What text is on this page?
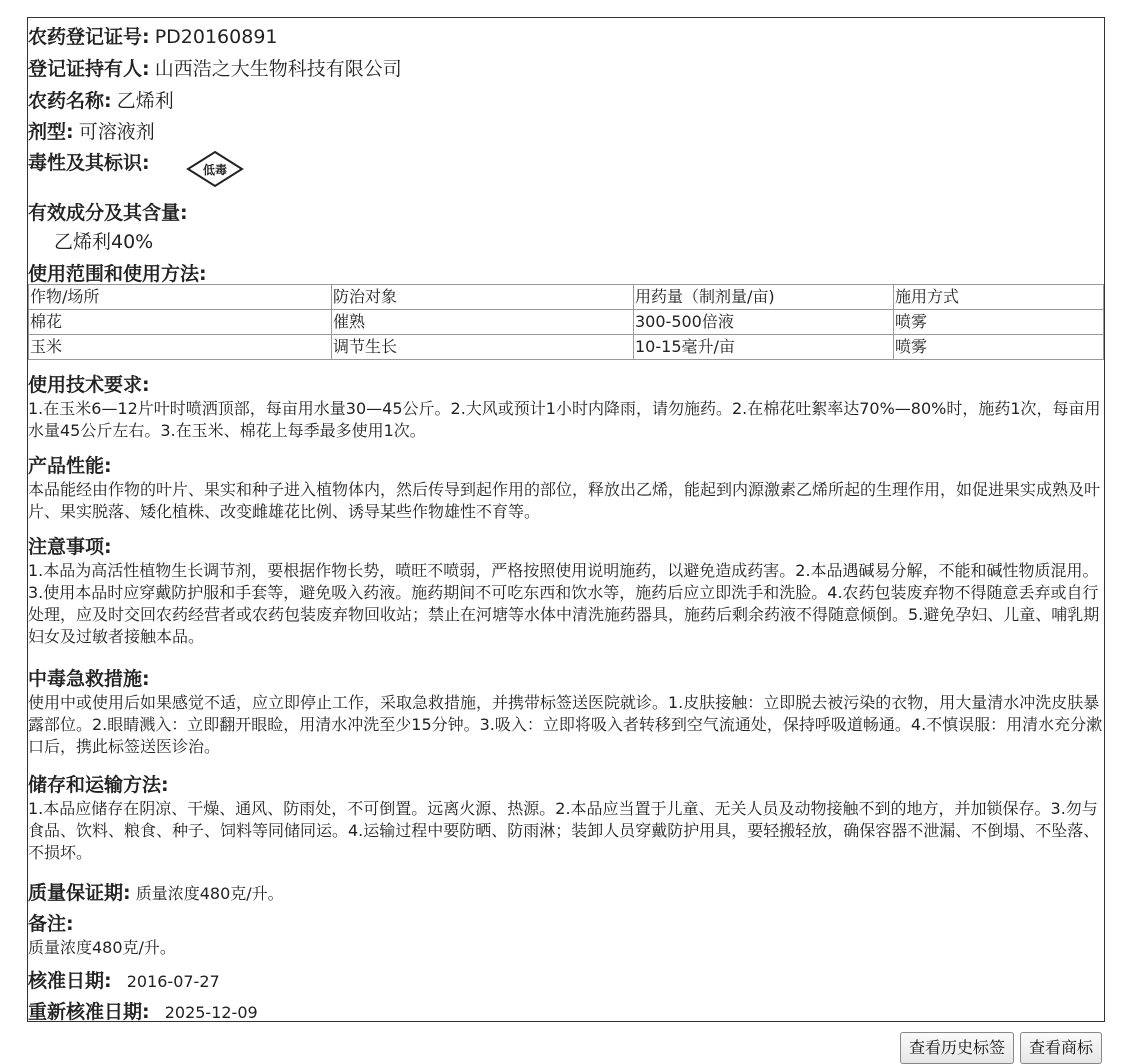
农药登记证号: PD20160891
登记证持有人: 山西浩之大生物科技有限公司
农药名称: 乙烯利
剂型: 可溶液剂
毒性及其标识:	低毒
有效成分及其含量:
乙烯利40%
使用范围和使用方法:
作物/场所	防治对象	用药量（制剂量/亩)	施用方式
棉花	催熟	300-500倍液	喷雾
玉米	调节生长	10-15毫升/亩	喷雾
使用技术要求:
1.在玉米6—12片叶时喷洒顶部，每亩用水量30—45公斤。2.大风或预计1小时内降雨，请勿施药。2.在棉花吐絮率达70%—80%时，施药1次，每亩用水量45公斤左右。3.在玉米、棉花上每季最多使用1次。
产品性能:
本品能经由作物的叶片、果实和种子进入植物体内，然后传导到起作用的部位，释放出乙烯，能起到内源激素乙烯所起的生理作用，如促进果实成熟及叶片、果实脱落、矮化植株、改变雌雄花比例、诱导某些作物雄性不育等。
注意事项:
1.本品为高活性植物生长调节剂，要根据作物长势，喷旺不喷弱，严格按照使用说明施药，以避免造成药害。2.本品遇碱易分解，不能和碱性物质混用。3.使用本品时应穿戴防护服和手套等，避免吸入药液。施药期间不可吃东西和饮水等，施药后应立即洗手和洗脸。4.农药包装废弃物不得随意丢弃或自行处理，应及时交回农药经营者或农药包装废弃物回收站；禁止在河塘等水体中清洗施药器具，施药后剩余药液不得随意倾倒。5.避免孕妇、儿童、哺乳期妇女及过敏者接触本品。
中毒急救措施:
使用中或使用后如果感觉不适，应立即停止工作，采取急救措施，并携带标签送医院就诊。1.皮肤接触：立即脱去被污染的衣物，用大量清水冲洗皮肤暴露部位。2.眼睛溅入：立即翻开眼睑，用清水冲洗至少15分钟。3.吸入：立即将吸入者转移到空气流通处，保持呼吸道畅通。4.不慎误服：用清水充分漱口后，携此标签送医诊治。
储存和运输方法:
1.本品应储存在阴凉、干燥、通风、防雨处，不可倒置。远离火源、热源。2.本品应当置于儿童、无关人员及动物接触不到的地方，并加锁保存。3.勿与食品、饮料、粮食、种子、饲料等同储同运。4.运输过程中要防晒、防雨淋；装卸人员穿戴防护用具，要轻搬轻放，确保容器不泄漏、不倒塌、不坠落、不损坏。
质量保证期: 质量浓度480克/升。
备注:
质量浓度480克/升。
核准日期: 2016-07-27
重新核准日期: 2025-12-09
查看历史标签	查看商标
